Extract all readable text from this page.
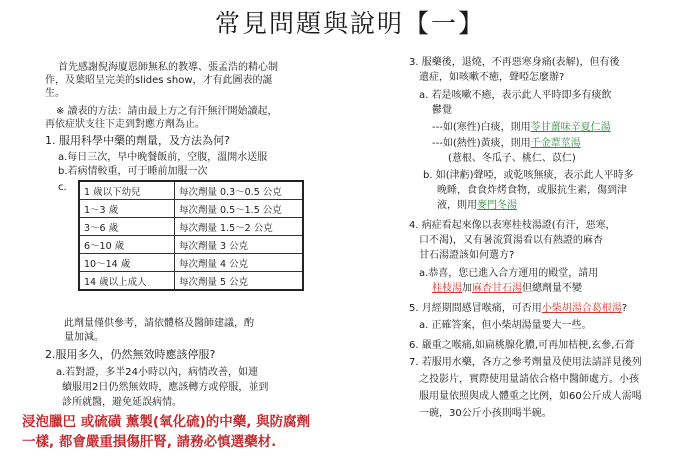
常見問題與說明【一】
首先感謝倪海廈恩師無私的教導、張孟浩的精心制
作，及葉昭呈完美的slides show，才有此圖表的誕
生。
※ 讀表的方法：請由最上方之有汗無汗開始讀起，
再依症狀支往下走到對應方劑為止。
1. 服用科學中藥的劑量，及方法為何?
a.每日三次，早中晚餐飯前，空腹，溫開水送服
b.若病情較重，可于睡前加服一次
c. 1 歲以下幼兒	每次劑量 0.3～0.5 公克
1～3 歲	每次劑量 0.5～1.5 公克
3～6 歲	每次劑量 1.5～2 公克
6～10 歲	每次劑量 3 公克
10～14 歲	每次劑量 4 公克
14 歲以上成人	每次劑量 5 公克
此劑量僅供參考，請依體格及醫師建議，酌
量加減。
2.服用多久，仍然無效時應該停服?
a.若對證，多半24小時以內，病情改善，如連
續服用2日仍然無效時，應該轉方或停服，並到
診所就醫，避免延誤病情。
浸泡臘巴 或硫磺 薰製(氧化硫)的中藥, 與防腐劑
一樣, 都會嚴重損傷肝腎, 請務必慎選藥材.
3. 服藥後，退燒，不再惡寒身痛(表解)，但有後
遺症，如咳嗽不癒，聲啞怎麼辦?
a. 若是咳嗽不癒，表示此人平時即多有痰飲
鬱覺
---如(寒性)白痰，則用苓甘薑味辛夏仁湯
---如(熱性)黃痰，則用千金葦莖湯
(薏根、冬瓜子、桃仁、苡仁)
b. 如(津虧)聲啞，或乾咳無痰，表示此人平時多
晚睡，食食炸烤食物，或服抗生素，傷到津
液，則用麥門冬湯
4. 病症看起來像以表寒桂枝湯證(有汗，惡寒，
口不渴)，又有暑流質湯看以有熱證的麻杏
甘石湯證該如何選方?
a.恭喜，您已進入合方運用的殿堂，請用
桂枝湯加麻杏甘石湯但總劑量不變
5. 月經期間感冒喉痛，可否用小柴胡湯合葛根湯?
a. 正確答案，但小柴胡湯量要大一些。
6. 嚴重之喉痛,如扁桃腺化膿,可再加桔梗,玄參,石膏
7. 若服用水藥，各方之參考劑量及使用法請詳見後列
之投影片，實際使用量請依合格中醫師處方。小孩
服用量依照與成人體重之比例，如60公斤成人需喝
一碗，30公斤小孩則喝半碗。
